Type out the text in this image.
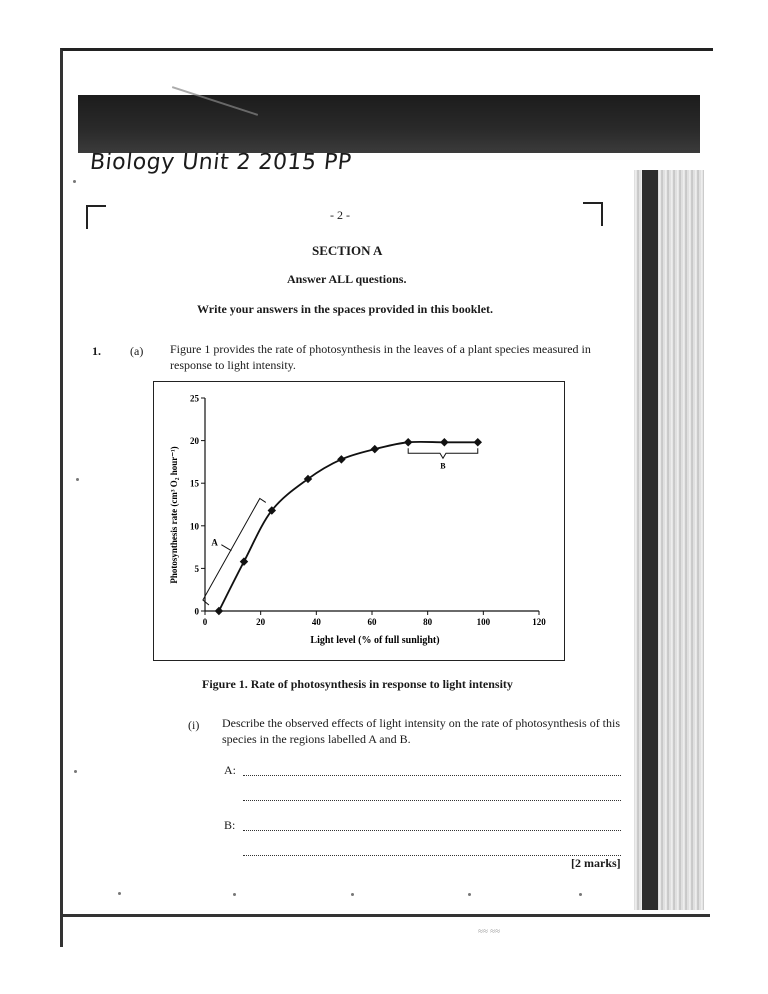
Biology Unit 2 2015 PP
- 2 -
SECTION A
Answer ALL questions.
Write your answers in the spaces provided in this booklet.
1. (a) Figure 1 provides the rate of photosynthesis in the leaves of a plant species measured in response to light intensity.
0
5
10
15
20
25
0	20	40	60	80	100	120
A
B
Photosynthesis rate (cm³ O₂ hour⁻¹)
Light level (% of full sunlight)
Figure 1. Rate of photosynthesis in response to light intensity
(i) Describe the observed effects of light intensity on the rate of photosynthesis of this species in the regions labelled A and B.
A:
B:
[2 marks]
≈≈ ≈≈
